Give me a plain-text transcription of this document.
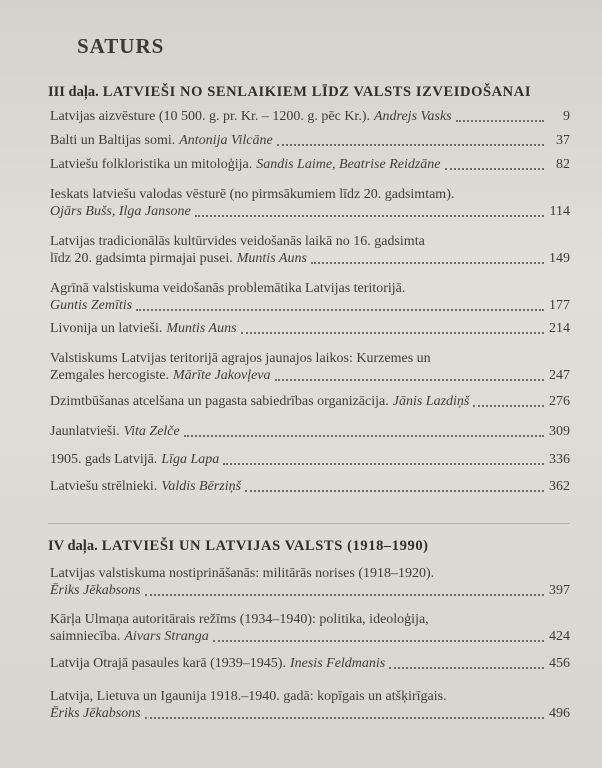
SATURS
III daļa. LATVIEŠI NO SENLAIKIEM LĪDZ VALSTS IZVEIDOŠANAI
Latvijas aizvēsture (10 500. g. pr. Kr. – 1200. g. pēc Kr.). Andrejs Vasks	9
Balti un Baltijas somi. Antonija Vilcāne	37
Latviešu folkloristika un mitoloģija. Sandis Laime, Beatrise Reidzāne	82
Ieskats latviešu valodas vēsturē (no pirmsākumiem līdz 20. gadsimtam).
Ojārs Bušs, Ilga Jansone	114
Latvijas tradicionālās kultūrvides veidošanās laikā no 16. gadsimta
līdz 20. gadsimta pirmajai pusei. Muntis Auns	149
Agrīnā valstiskuma veidošanās problemātika Latvijas teritorijā.
Guntis Zemītis	177
Livonija un latvieši. Muntis Auns	214
Valstiskums Latvijas teritorijā agrajos jaunajos laikos: Kurzemes un
Zemgales hercogiste. Mārīte Jakovļeva	247
Dzimtbūšanas atcelšana un pagasta sabiedrības organizācija. Jānis Lazdiņš	276
Jaunlatvieši. Vita Zelče	309
1905. gads Latvijā. Līga Lapa	336
Latviešu strēlnieki. Valdis Bērziņš	362
IV daļa. LATVIEŠI UN LATVIJAS VALSTS (1918–1990)
Latvijas valstiskuma nostiprināšanās: militārās norises (1918–1920).
Ēriks Jēkabsons	397
Kārļa Ulmaņa autoritārais režīms (1934–1940): politika, ideoloģija,
saimniecība. Aivars Stranga	424
Latvija Otrajā pasaules karā (1939–1945). Inesis Feldmanis	456
Latvija, Lietuva un Igaunija 1918.–1940. gadā: kopīgais un atšķirīgais.
Ēriks Jēkabsons	496
